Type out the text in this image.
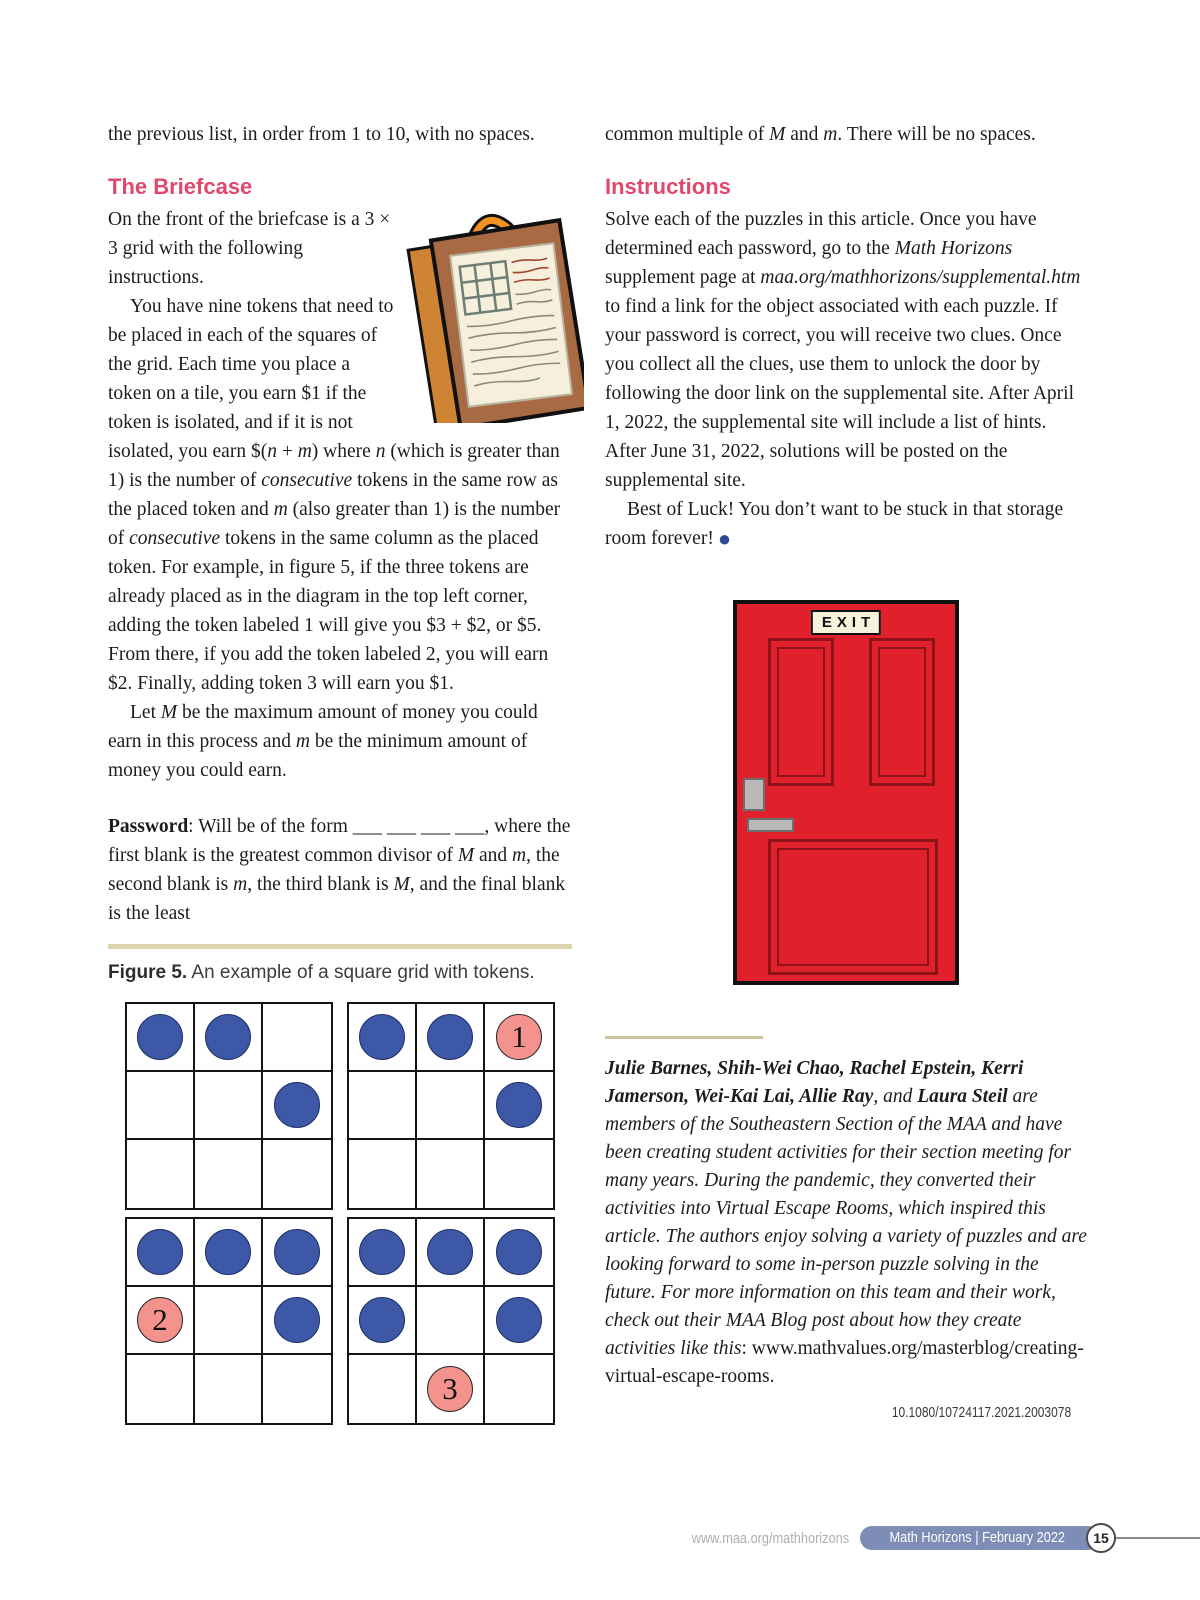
the previous list, in order from 1 to 10, with no spaces.

The Briefcase

On the front of the briefcase is a 3 × 3 grid with the following instructions.

You have nine tokens that need to be placed in each of the squares of the grid. Each time you place a token on a tile, you earn $1 if the token is isolated, and if it is not isolated, you earn $(n + m) where n (which is greater than 1) is the number of consecutive tokens in the same row as the placed token and m (also greater than 1) is the number of consecutive tokens in the same column as the placed token. For example, in figure 5, if the three tokens are already placed as in the diagram in the top left corner, adding the token labeled 1 will give you $3 + $2, or $5. From there, if you add the token labeled 2, you will earn $2. Finally, adding token 3 will earn you $1.

Let M be the maximum amount of money you could earn in this process and m be the minimum amount of money you could earn.

Password: Will be of the form ___ ___ ___ ___, where the first blank is the greatest common divisor of M and m, the second blank is m, the third blank is M, and the final blank is the least

common multiple of M and m. There will be no spaces.

Instructions

Solve each of the puzzles in this article. Once you have determined each password, go to the Math Horizons supplement page at maa.org/mathhorizons/supplemental.htm to find a link for the object associated with each puzzle. If your password is correct, you will receive two clues. Once you collect all the clues, use them to unlock the door by following the door link on the supplemental site. After April 1, 2022, the supplemental site will include a list of hints. After June 31, 2022, solutions will be posted on the supplemental site.

Best of Luck! You don’t want to be stuck in that storage room forever! ●

Figure 5. An example of a square grid with tokens.

1
2
3
EXIT

Julie Barnes, Shih-Wei Chao, Rachel Epstein, Kerri Jamerson, Wei-Kai Lai, Allie Ray, and Laura Steil are members of the Southeastern Section of the MAA and have been creating student activities for their section meeting for many years. During the pandemic, they converted their activities into Virtual Escape Rooms, which inspired this article. The authors enjoy solving a variety of puzzles and are looking forward to some in-person puzzle solving in the future. For more information on this team and their work, check out their MAA Blog post about how they create activities like this: www.mathvalues.org/masterblog/creating-virtual-escape-rooms.

10.1080/10724117.2021.2003078
www.maa.org/mathhorizons	Math Horizons | February 2022	15
